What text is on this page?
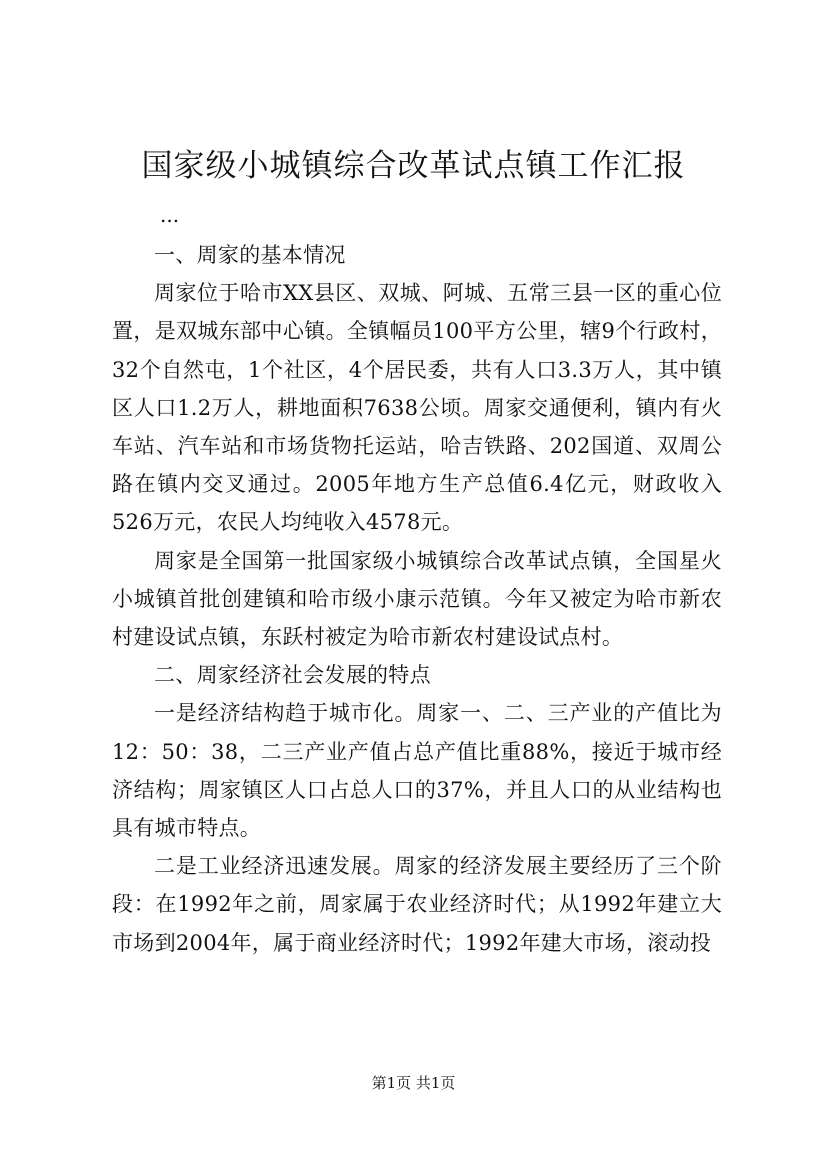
国家级小城镇综合改革试点镇工作汇报
...

一、周家的基本情况

周家位于哈市XX县区、双城、阿城、五常三县一区的重心位置，是双城东部中心镇。全镇幅员100平方公里，辖9个行政村，32个自然屯，1个社区，4个居民委，共有人口3.3万人，其中镇区人口1.2万人，耕地面积7638公顷。周家交通便利，镇内有火车站、汽车站和市场货物托运站，哈吉铁路、202国道、双周公路在镇内交叉通过。2005年地方生产总值6.4亿元，财政收入526万元，农民人均纯收入4578元。

周家是全国第一批国家级小城镇综合改革试点镇，全国星火小城镇首批创建镇和哈市级小康示范镇。今年又被定为哈市新农村建设试点镇，东跃村被定为哈市新农村建设试点村。

二、周家经济社会发展的特点

一是经济结构趋于城市化。周家一、二、三产业的产值比为12：50：38，二三产业产值占总产值比重88%，接近于城市经济结构；周家镇区人口占总人口的37%，并且人口的从业结构也具有城市特点。

二是工业经济迅速发展。周家的经济发展主要经历了三个阶段：在1992年之前，周家属于农业经济时代；从1992年建立大市场到2004年，属于商业经济时代；1992年建大市场，滚动投

第1页 共1页
